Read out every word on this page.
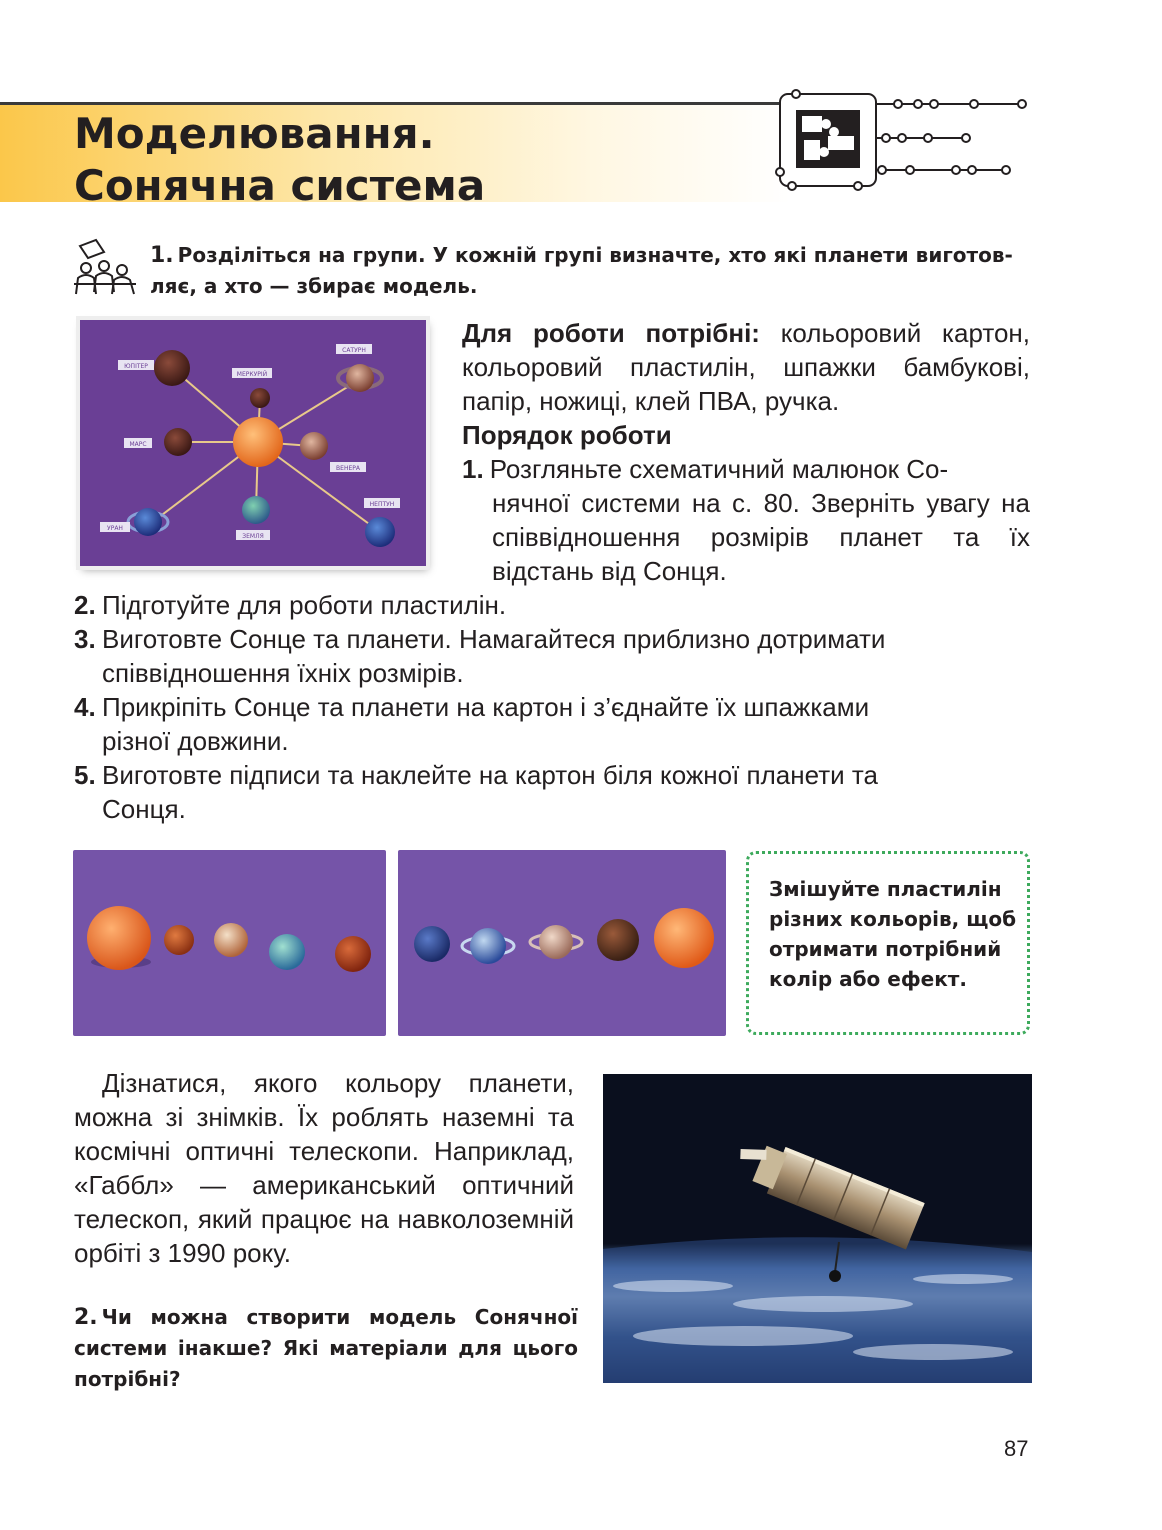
Моделювання.
Сонячна система

1. Розділіться на групи. У кожній групі визначте, хто які планети виготов-
ляє, а хто — збирає модель.

ЮПІТЕР
МЕРКУРІЙ
САТУРН
МАРС
ВЕНЕРА
УРАН
ЗЕМЛЯ
НЕПТУН

Для роботи потрібні: кольоровий картон, кольоровий пластилін, шпажки бамбукові, папір, ножиці, клей ПВА, ручка.

Порядок роботи

1. Розгляньте схематичний малюнок Со-
нячної системи на с. 80. Зверніть увагу на співвідношення розмірів планет та їх відстань від Сонця.

2. Підготуйте для роботи пластилін.

3. Виготовте Сонце та планети. Намагайтеся приблизно дотримати
співвідношення їхніх розмірів.

4. Прикріпіть Сонце та планети на картон і з’єднайте їх шпажками
різної довжини.

5. Виготовте підписи та наклейте на картон біля кожної планети та
Сонця.

Змішуйте пластилін різних кольорів, щоб отримати потрібний колір або ефект.

Дізнатися, якого кольору планети, можна зі знімків. Їх роблять наземні та космічні оптичні телескопи. Наприклад, «Габбл» — американський оптичний телескоп, який працює на навколоземній орбіті з 1990 року.

2. Чи можна створити модель Сонячної системи інакше? Які матеріали для цього потрібні?

87
